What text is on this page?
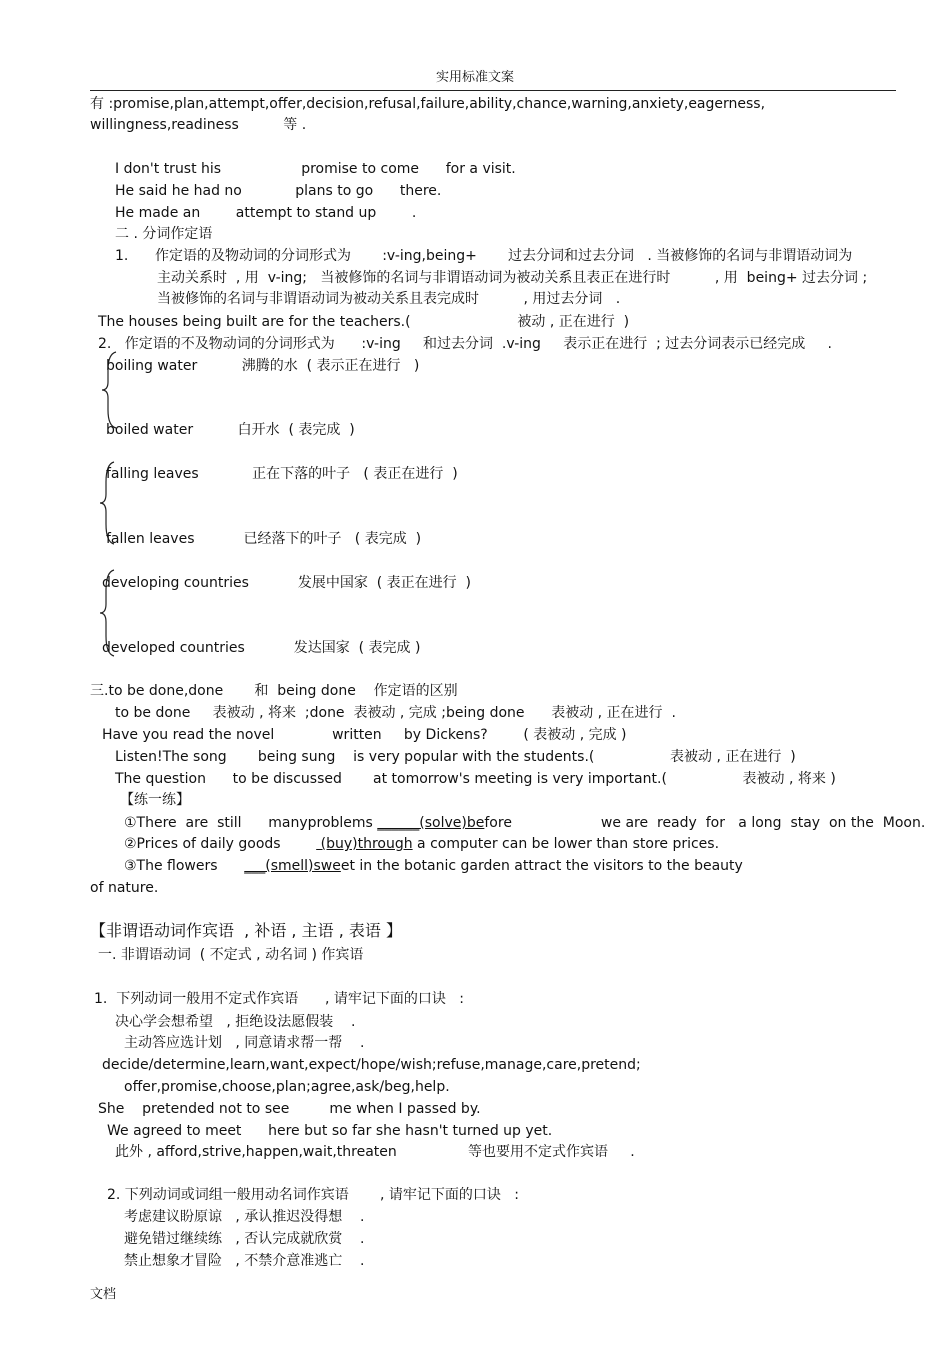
实用标准文案
有 :promise,plan,attempt,offer,decision,refusal,failure,ability,chance,warning,anxiety,eagerness,
willingness,readiness          等 .
I don't trust his                  promise to come      for a visit.
He said he had no            plans to go      there.
He made an        attempt to stand up        .
二 . 分词作定语
1.      作定语的及物动词的分词形式为       :v-ing,being+       过去分词和过去分词   . 当被修饰的名词与非谓语动词为
主动关系时  , 用  v-ing;   当被修饰的名词与非谓语动词为被动关系且表正在进行时          , 用  being+ 过去分词 ;
当被修饰的名词与非谓语动词为被动关系且表完成时          , 用过去分词   .
The houses being built are for the teachers.(                        被动 , 正在进行  )
2.   作定语的不及物动词的分词形式为      :v-ing     和过去分词  .v-ing     表示正在进行  ; 过去分词表示已经完成     .
boiling water          沸腾的水  ( 表示正在进行   )
boiled water          白开水  ( 表完成  )
falling leaves            正在下落的叶子   ( 表正在进行  )
fallen leaves           已经落下的叶子   ( 表完成  )
developing countries           发展中国家  ( 表正在进行  )
developed countries           发达国家  ( 表完成 )
三.to be done,done       和  being done    作定语的区别
to be done     表被动 , 将来  ;done  表被动 , 完成 ;being done      表被动 , 正在进行  .
Have you read the novel             written     by Dickens?        ( 表被动 , 完成 )
Listen!The song       being sung    is very popular with the students.(                 表被动 , 正在进行  )
The question      to be discussed       at tomorrow's meeting is very important.(                 表被动 , 将来 )
【练一练】
①There  are  still      manyproblems ______(solve)before                    we are  ready  for   a long  stay  on the  Moon.
②Prices of daily goods         (buy)through a computer can be lower than store prices.
③The flowers      ___(smell)sweet in the botanic garden attract the visitors to the beauty
of nature.
【非谓语动词作宾语  , 补语 , 主语 , 表语 】
一. 非谓语动词  ( 不定式 , 动名词 ) 作宾语
1.  下列动词一般用不定式作宾语      , 请牢记下面的口诀   :
决心学会想希望   , 拒绝设法愿假装    .
主动答应选计划   , 同意请求帮一帮    .
decide/determine,learn,want,expect/hope/wish;refuse,manage,care,pretend;
offer,promise,choose,plan;agree,ask/beg,help.
She    pretended not to see         me when I passed by.
We agreed to meet      here but so far she hasn't turned up yet.
此外 , afford,strive,happen,wait,threaten                等也要用不定式作宾语     .
2. 下列动词或词组一般用动名词作宾语       , 请牢记下面的口诀   :
考虑建议盼原谅   , 承认推迟没得想    .
避免错过继续练   , 否认完成就欣赏    .
禁止想象才冒险   , 不禁介意准逃亡    .
文档
